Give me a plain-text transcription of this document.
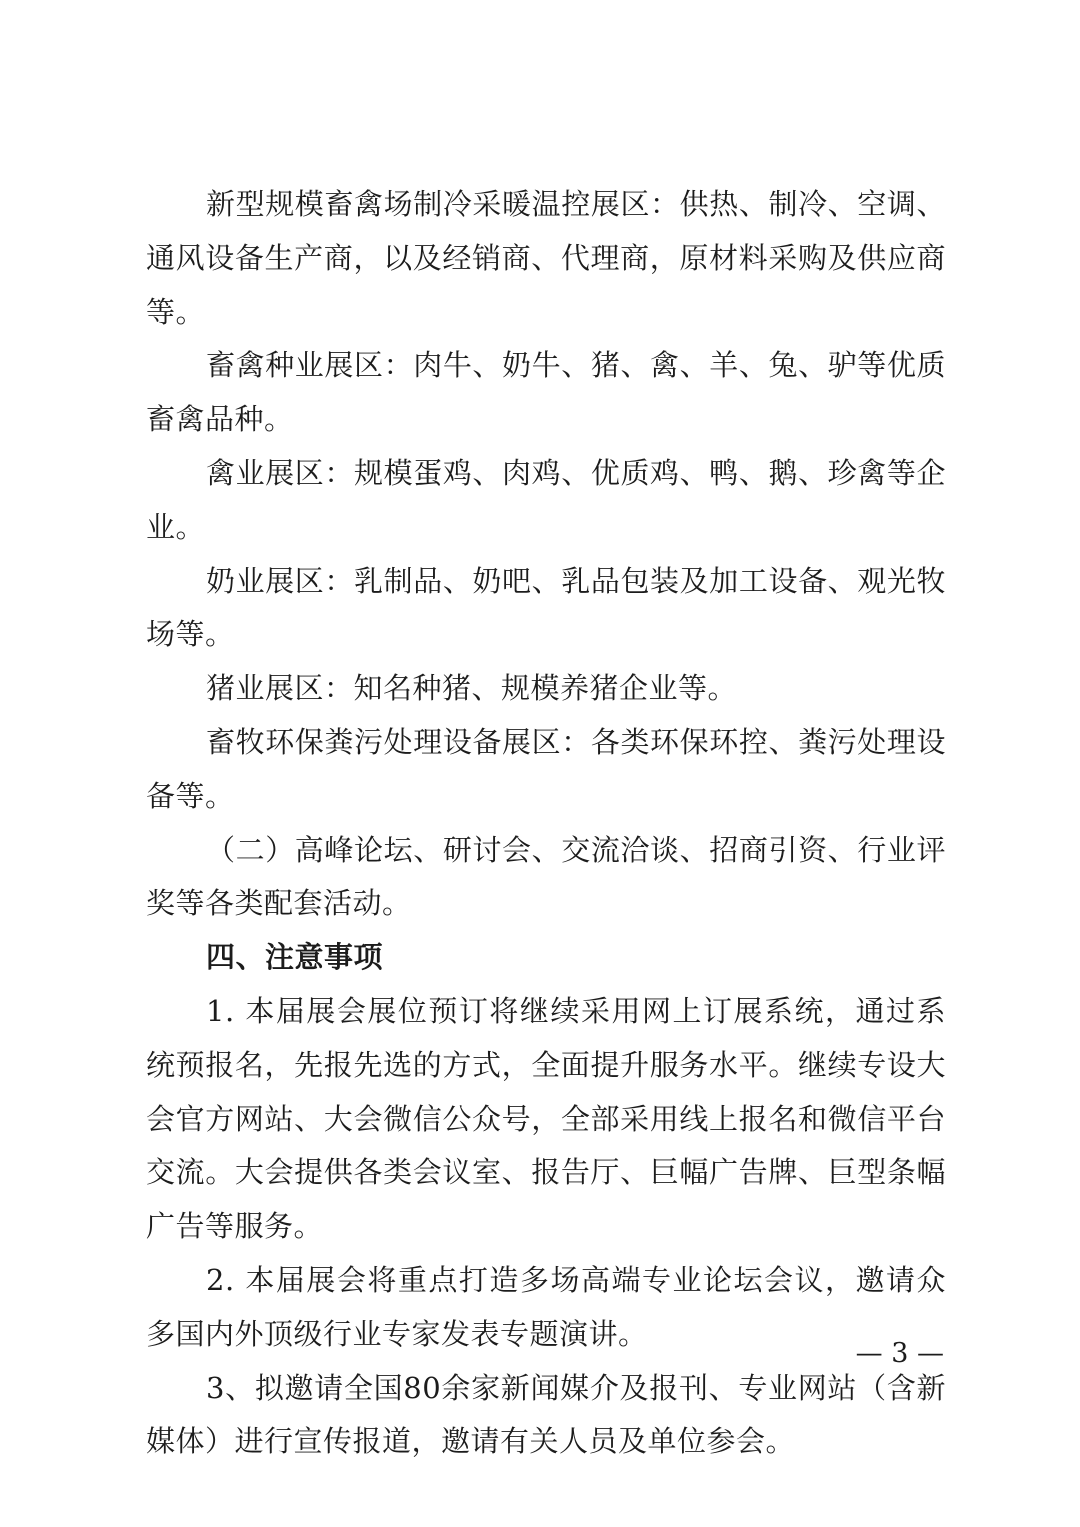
新型规模畜禽场制冷采暖温控展区：供热、制冷、空调、通风设备生产商，以及经销商、代理商，原材料采购及供应商等。

畜禽种业展区：肉牛、奶牛、猪、禽、羊、兔、驴等优质畜禽品种。

禽业展区：规模蛋鸡、肉鸡、优质鸡、鸭、鹅、珍禽等企业。

奶业展区：乳制品、奶吧、乳品包装及加工设备、观光牧场等。

猪业展区：知名种猪、规模养猪企业等。

畜牧环保粪污处理设备展区：各类环保环控、粪污处理设备等。

（二）高峰论坛、研讨会、交流洽谈、招商引资、行业评奖等各类配套活动。

四、注意事项

1. 本届展会展位预订将继续采用网上订展系统，通过系统预报名，先报先选的方式，全面提升服务水平。继续专设大会官方网站、大会微信公众号，全部采用线上报名和微信平台交流。大会提供各类会议室、报告厅、巨幅广告牌、巨型条幅广告等服务。

2. 本届展会将重点打造多场高端专业论坛会议，邀请众多国内外顶级行业专家发表专题演讲。

3、拟邀请全国80余家新闻媒介及报刊、专业网站（含新媒体）进行宣传报道，邀请有关人员及单位参会。

— 3 —
